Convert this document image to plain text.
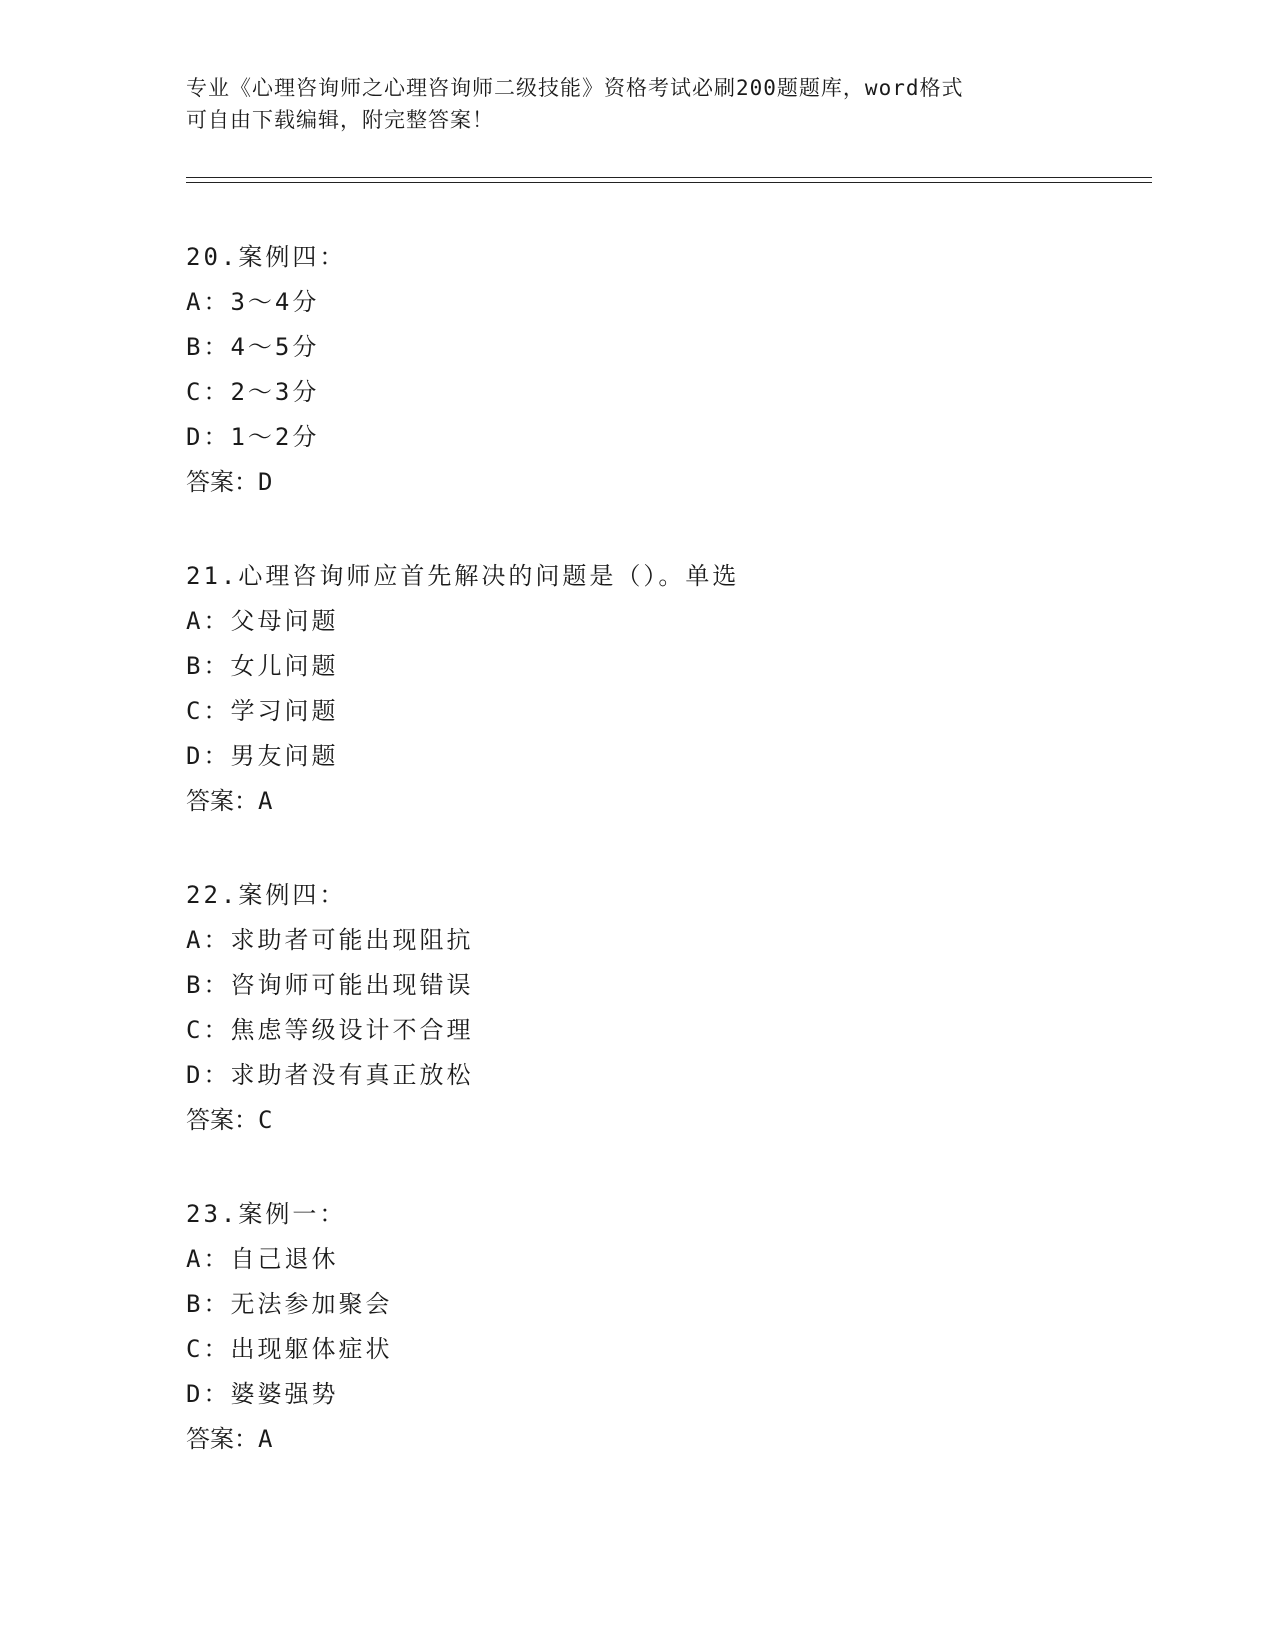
专业《心理咨询师之心理咨询师二级技能》资格考试必刷200题题库，word格式
可自由下载编辑，附完整答案！
20.案例四：
A：3～4分
B：4～5分
C：2～3分
D：1～2分
答案：D
21.心理咨询师应首先解决的问题是（）。单选
A：父母问题
B：女儿问题
C：学习问题
D：男友问题
答案：A
22.案例四：
A：求助者可能出现阻抗
B：咨询师可能出现错误
C：焦虑等级设计不合理
D：求助者没有真正放松
答案：C
23.案例一：
A：自己退休
B：无法参加聚会
C：出现躯体症状
D：婆婆强势
答案：A
